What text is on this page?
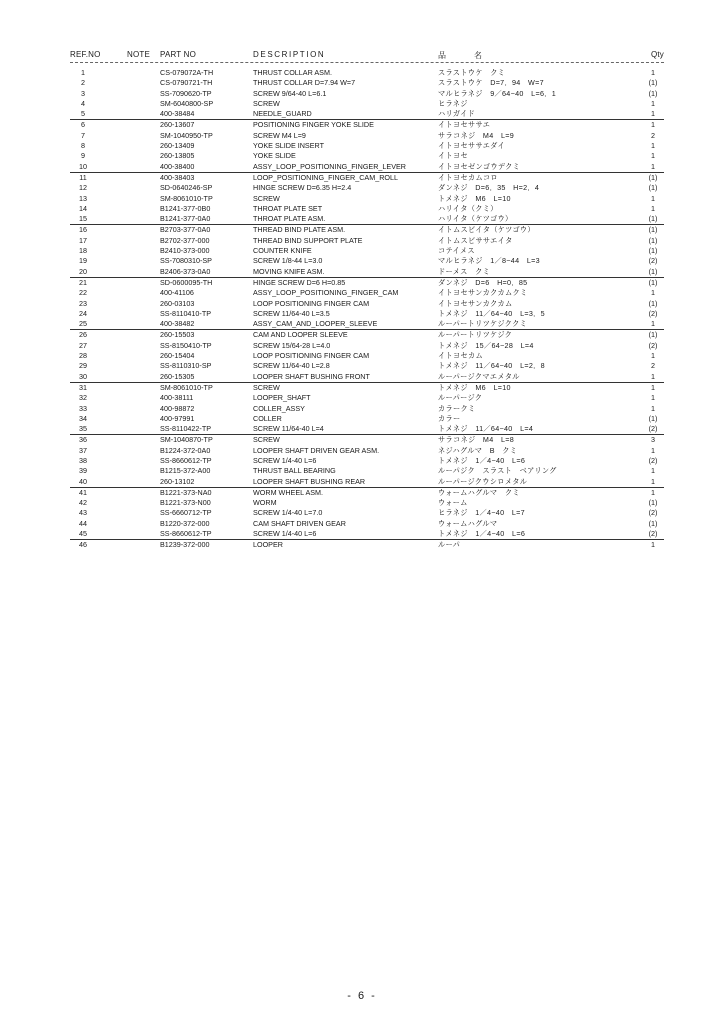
REF.NO	NOTE PART NO	DESCRIPTION	品　名	Qty
1	CS-079072A-TH	THRUST COLLAR ASM.	スラストウケ　クミ	1
2	CS-0790721-TH	THRUST COLLAR D=7.94 W=7	スラストウケ　D=7．94　W=7	(1)
3	SS-7090620-TP	SCREW 9/64-40 L=6.1	マルヒラネジ　9／64−40　L=6．1	(1)
4	SM-6040800-SP	SCREW	ヒラネジ	1
5	400-38484	NEEDLE_GUARD	ハリガイド	1
6	260-13607	POSITIONING FINGER YOKE SLIDE	イトヨセササエ	1
7	SM-1040950-TP	SCREW M4 L=9	サラコネジ　M4　L=9	2
8	260-13409	YOKE SLIDE INSERT	イトヨセササエダイ	1
9	260-13805	YOKE SLIDE	イトヨセ	1
10	400-38400	ASSY_LOOP_POSITIONING_FINGER_LEVER	イトヨセゼンゴウデクミ	1
11	400-38403	LOOP_POSITIONING_FINGER_CAM_ROLL	イトヨセカムコロ	(1)
12	SD-0640246-SP	HINGE SCREW D=6.35 H=2.4	ダンネジ　D=6．35　H=2．4	(1)
13	SM-8061010-TP	SCREW	トメネジ　M6　L=10	1
14	B1241-377-0B0	THROAT PLATE SET	ハリイタ（クミ）	1
15	B1241-377-0A0	THROAT PLATE ASM.	ハリイタ（ケツゴウ）	(1)
16	B2703-377-0A0	THREAD BIND PLATE ASM.	イトムスビイタ（ケツゴウ）	(1)
17	B2702-377-000	THREAD BIND SUPPORT PLATE	イトムスビササエイタ	(1)
18	B2410-373-000	COUNTER KNIFE	コテイメス	(1)
19	SS-7080310-SP	SCREW 1/8-44 L=3.0	マルヒラネジ　1／8−44　L=3	(2)
20	B2406-373-0A0	MOVING KNIFE ASM.	ドーメス　クミ	(1)
21	SD-0600095-TH	HINGE SCREW D=6 H=0.85	ダンネジ　D=6　H=0．85	(1)
22	400-41106	ASSY_LOOP_POSITIONING_FINGER_CAM	イトヨセサンカクカムクミ	1
23	260-03103	LOOP POSITIONING FINGER CAM	イトヨセサンカクカム	(1)
24	SS-8110410-TP	SCREW 11/64-40 L=3.5	トメネジ　11／64−40　L=3．5	(2)
25	400-38482	ASSY_CAM_AND_LOOPER_SLEEVE	ルーパートリツケジククミ	1
26	260-15503	CAM AND LOOPER SLEEVE	ルーパートリツケジク	(1)
27	SS-8150410-TP	SCREW 15/64-28 L=4.0	トメネジ　15／64−28　L=4	(2)
28	260-15404	LOOP POSITIONING FINGER CAM	イトヨセカム	1
29	SS-8110310-SP	SCREW 11/64-40 L=2.8	トメネジ　11／64−40　L=2．8	2
30	260-15305	LOOPER SHAFT BUSHING FRONT	ルーパージクマエメタル	1
31	SM-8061010-TP	SCREW	トメネジ　M6　L=10	1
32	400-38111	LOOPER_SHAFT	ルーパージク	1
33	400-98872	COLLER_ASSY	カラークミ	1
34	400-97991	COLLER	カラー	(1)
35	SS-8110422-TP	SCREW 11/64-40 L=4	トメネジ　11／64−40　L=4	(2)
36	SM-1040870-TP	SCREW	サラコネジ　M4　L=8	3
37	B1224-372-0A0	LOOPER SHAFT DRIVEN GEAR ASM.	ネジハグルマ　B　クミ	1
38	SS-8660612-TP	SCREW 1/4-40 L=6	トメネジ　1／4−40　L=6	(2)
39	B1215-372-A00	THRUST BALL BEARING	ルーパジク　スラスト　ベアリング	1
40	260-13102	LOOPER SHAFT BUSHING REAR	ルーパージクウシロメタル	1
41	B1221-373-NA0	WORM WHEEL ASM.	ウォームハグルマ　クミ	1
42	B1221-373-N00	WORM	ウォーム	(1)
43	SS-6660712-TP	SCREW 1/4-40 L=7.0	ヒラネジ　1／4−40　L=7	(2)
44	B1220-372-000	CAM SHAFT DRIVEN GEAR	ウォームハグルマ	(1)
45	SS-8660612-TP	SCREW 1/4-40 L=6	トメネジ　1／4−40　L=6	(2)
46	B1239-372-000	LOOPER	ルーパ	1
- 6 -
